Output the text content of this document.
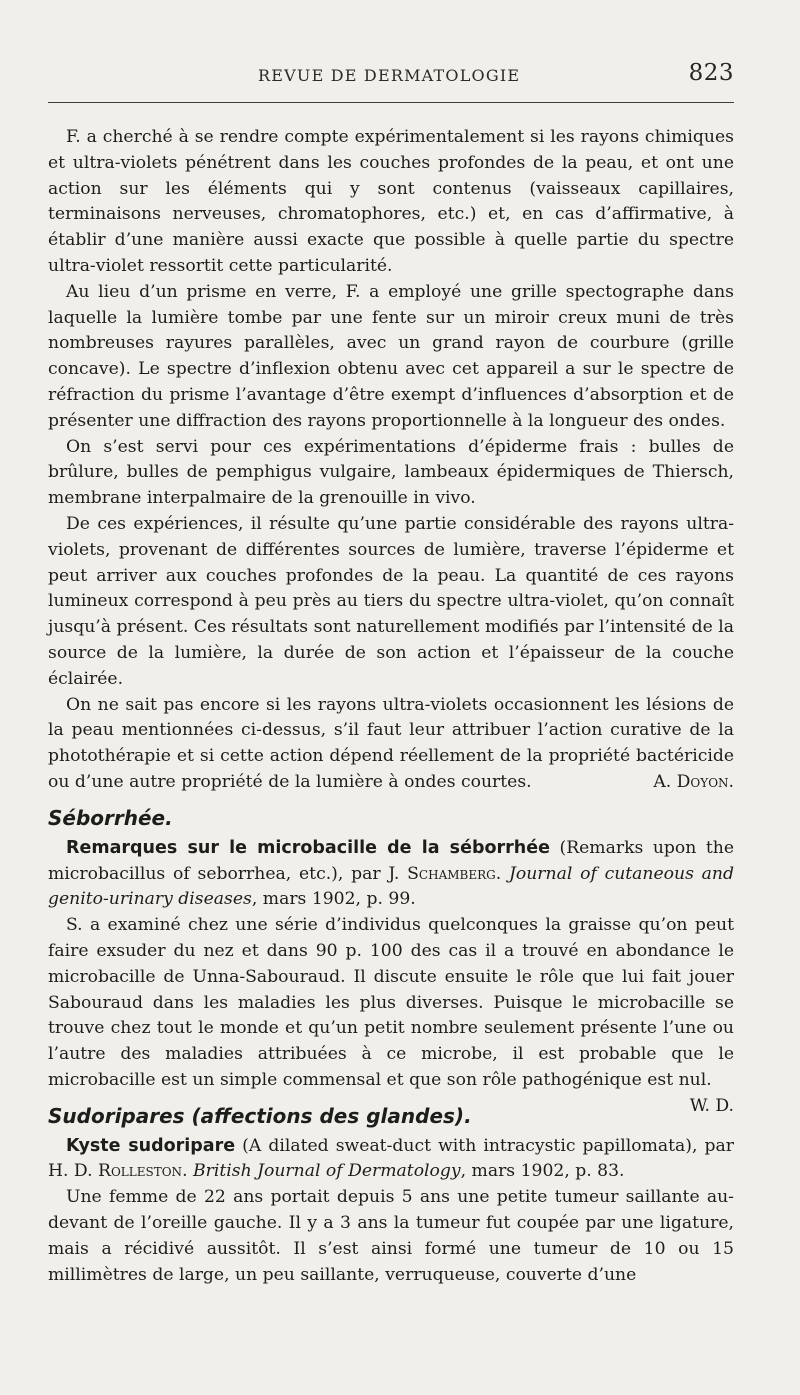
REVUE DE DERMATOLOGIE	823

F. a cherché à se rendre compte expérimentalement si les rayons chimiques et ultra-violets pénétrent dans les couches profondes de la peau, et ont une action sur les éléments qui y sont contenus (vaisseaux capillaires, terminaisons nerveuses, chromatophores, etc.) et, en cas d’affirmative, à établir d’une manière aussi exacte que possible à quelle partie du spectre ultra-violet ressortit cette particularité.

Au lieu d’un prisme en verre, F. a employé une grille spectographe dans laquelle la lumière tombe par une fente sur un miroir creux muni de très nombreuses rayures parallèles, avec un grand rayon de courbure (grille concave). Le spectre d’inflexion obtenu avec cet appareil a sur le spectre de réfraction du prisme l’avantage d’être exempt d’influences d’absorption et de présenter une diffraction des rayons proportionnelle à la longueur des ondes.

On s’est servi pour ces expérimentations d’épiderme frais : bulles de brûlure, bulles de pemphigus vulgaire, lambeaux épidermiques de Thiersch, membrane interpalmaire de la grenouille in vivo.

De ces expériences, il résulte qu’une partie considérable des rayons ultra-violets, provenant de différentes sources de lumière, traverse l’épiderme et peut arriver aux couches profondes de la peau. La quantité de ces rayons lumineux correspond à peu près au tiers du spectre ultra-violet, qu’on connaît jusqu’à présent. Ces résultats sont naturellement modifiés par l’intensité de la source de la lumière, la durée de son action et l’épaisseur de la couche éclairée.

On ne sait pas encore si les rayons ultra-violets occasionnent les lésions de la peau mentionnées ci-dessus, s’il faut leur attribuer l’action curative de la photothérapie et si cette action dépend réellement de la propriété bactéricide ou d’une autre propriété de la lumière à ondes courtes.	A. Doyon.

Séborrhée.

Remarques sur le microbacille de la séborrhée (Remarks upon the microbacillus of seborrhea, etc.), par J. Schamberg. Journal of cutaneous and genito-urinary diseases, mars 1902, p. 99.

S. a examiné chez une série d’individus quelconques la graisse qu’on peut faire exsuder du nez et dans 90 p. 100 des cas il a trouvé en abondance le microbacille de Unna-Sabouraud. Il discute ensuite le rôle que lui fait jouer Sabouraud dans les maladies les plus diverses. Puisque le microbacille se trouve chez tout le monde et qu’un petit nombre seulement présente l’une ou l’autre des maladies attribuées à ce microbe, il est probable que le microbacille est un simple commensal et que son rôle pathogénique est nul.
W. D.

Sudoripares (affections des glandes).

Kyste sudoripare (A dilated sweat-duct with intracystic papillomata), par H. D. Rolleston. British Journal of Dermatology, mars 1902, p. 83.

Une femme de 22 ans portait depuis 5 ans une petite tumeur saillante au-devant de l’oreille gauche. Il y a 3 ans la tumeur fut coupée par une ligature, mais a récidivé aussitôt. Il s’est ainsi formé une tumeur de 10 ou 15 millimètres de large, un peu saillante, verruqueuse, couverte d’une
